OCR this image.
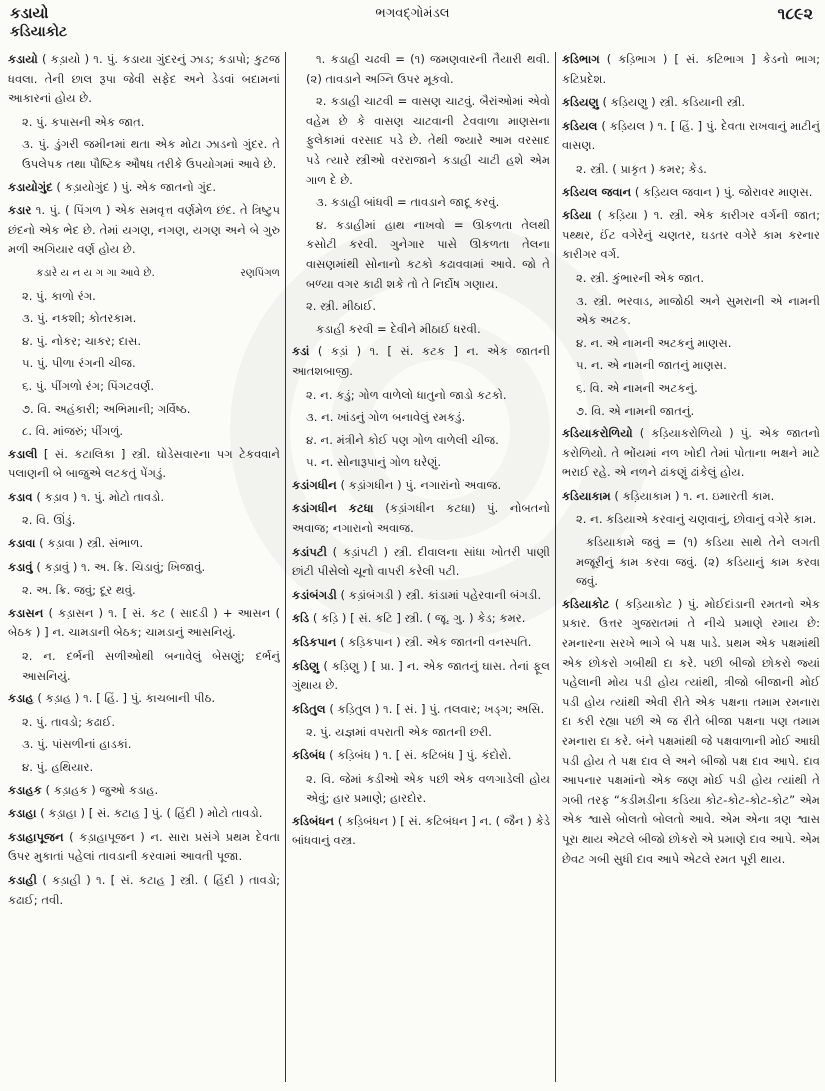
કડાયો
કડિયાકોટ
ભગવદ્ગોમંડલ	૧૮૯૨
કડાયો ( કડ઼ાયો ) ૧. પું. કડાયા ગુંદરનું ઝાડ; કડાપો; કુટજ ધવલા. તેની છાલ રૂપા જેવી સફેદ અને ડેડવાં બદામનાં આકારનાં હોય છે.
૨. પું. કપાસની એક જાત.
૩. પું. ડુંગરી જમીનમાં થતા એક મોટા ઝાડનો ગુંદર. તે ઉપલેપક તથા પૌષ્ટિક ઔષધ તરીકે ઉપયોગમાં આવે છે.
કડાયોગુંદ ( કડ઼ાયોગુંદ ) પું. એક જાતનો ગુંદ.
કડાર ૧. પું. ( પિંગળ ) એક સમવૃત્ત વર્ણમેળ છંદ. તે ત્રિષ્ટુપ છંદનો એક ભેદ છે. તેમાં યગણ, નગણ, યગણ અને બે ગુરુ મળી અગિયાર વર્ણ હોય છે.
કડારે ય ન ય ગ ગા આવે છે.	રણપિંગળ
૨. પું. કાળો રંગ.
૩. પું. નકશી; કોતરકામ.
૪. પું. નોકર; ચાકર; દાસ.
૫. પું. પીળા રંગની ચીજ.
૬. પું. પીંગળો રંગ; પિંગટવર્ણ.
૭. વિ. અહંકારી; અભિમાની; ગર્વિષ્ઠ.
૮. વિ. માંજરું; પીંગળું.
કડાલી [ સં. કટાલિકા ] સ્ત્રી. ઘોડેસવારના પગ ટેકવવાને પલાણની બે બાજુએ લટકતું પેંગડું.
કડાવ ( કડ઼ાવ ) ૧. પું. મોટો તાવડો.
૨. વિ. ઊંડું.
કડાવા ( કડ઼ાવા ) સ્ત્રી. સંભાળ.
કડાવું ( કડ઼ાવું ) ૧. અ. ક્રિ. ચિડાવું; ખિજાવું.
૨. અ. ક્રિ. જવું; દૂર થવું.
કડાસન ( કડ઼ાસન ) ૧. [ સં. કટ ( સાદડી ) + આસન ( બેઠક ) ] ન. ચામડાની બેઠક; ચામડાનું આસનિયું.
૨. ન. દર્ભની સળીઓથી બનાવેલું બેસણું; દર્ભનું આસનિયું.
કડાહ ( કડ઼ાહ ) ૧. [ હિં. ] પું. કાચબાની પીઠ.
૨. પું. તાવડો; કઢાઈ.
૩. પું. પાંસળીનાં હાડકાં.
૪. પું. હથિયાર.
કડાહક ( કડ઼ાહક ) જુઓ કડાહ.
કડાહા ( કડ઼ાહા ) [ સં. કટાહ ] પું. ( હિંદી ) મોટો તાવડો.
કડાહાપૂજન ( કડ઼ાહાપૂજન ) ન. સારા પ્રસંગે પ્રથમ દેવતા ઉપર મુકાતાં પહેલાં તાવડાની કરવામાં આવતી પૂજા.
કડાહી ( કડ઼ાહી ) ૧. [ સં. કટાહ ] સ્ત્રી. ( હિંદી ) તાવડો; કઢાઈ; તવી.
૧. કડાહી ચઢવી = (૧) જમણવારની તૈયારી થવી. (૨) તાવડાને અગ્નિ ઉપર મૂકવો.
૨. કડાહી ચાટવી = વાસણ ચાટવું. બૈરાંઓમાં એવો વહેમ છે કે વાસણ ચાટવાની ટેવવાળા માણસના ફુલેકામાં વરસાદ પડે છે. તેથી જ્યારે આમ વરસાદ પડે ત્યારે સ્ત્રીઓ વરરાજાને કડાહી ચાટી હશે એમ ગાળ દે છે.
૩. કડાહી બાંધવી = તાવડાને જાદૂ કરવું.
૪. કડાહીમાં હાથ નાખવો = ઊકળતા તેલથી કસોટી કરવી. ગુનેગાર પાસે ઊકળતા તેલના વાસણમાંથી સોનાનો કટકો કઢાવવામાં આવે. જો તે બળ્યા વગર કાઢી શકે તો તે નિર્દોષ ગણાય.
૨. સ્ત્રી. મીઠાઈ.
કડાહી કરવી = દેવીને મીઠાઈ ધરવી.
કડાં ( કડ઼ાં ) ૧. [ સં. કટક ] ન. એક જાતની આતશબાજી.
૨. ન. કડું; ગોળ વાળેલો ધાતુનો જાડો કટકો.
૩. ન. ખાંડનું ગોળ બનાવેલું રમકડું.
૪. ન. મંત્રીને કોઈ પણ ગોળ વાળેલી ચીજ.
૫. ન. સોનારૂપાનું ગોળ ઘરેણું.
કડાંગધીન ( કડ઼ાંગધીન ) પું. નગારાંનો અવાજ.
કડાંગધીન કટધા (કડ઼ાંગધીન કટધા) પું. નોબતનો અવાજ; નગારાનો અવાજ.
કડાંપટી ( કડ઼ાંપટી ) સ્ત્રી. દીવાલના સાંધા ખોતરી પાણી છાંટી પીસેલો ચૂનો વાપરી કરેલી પટી.
કડાંબંગડી ( કડ઼ાંબંગડી ) સ્ત્રી. કાંડામાં પહેરવાની બંગડી.
કડિ ( કડ઼િ ) [ સં. કટિ ] સ્ત્રી. ( જૂ. ગુ. ) કેડ; કમર.
કડિકપાન ( કડ઼િકપાન ) સ્ત્રી. એક જાતની વનસ્પતિ.
કડિણુ ( કડ઼િણુ ) [ પ્રા. ] ન. એક જાતનું ઘાસ. તેનાં ફૂલ ગુંથાય છે.
કડિતુલ ( કડ઼િતુલ ) ૧. [ સં. ] પું. તલવાર; ખડ્ગ; અસિ.
૨. પું. યજ્ઞમાં વપરાતી એક જાતની છરી.
કડિબંધ ( કડ઼િબંધ ) ૧. [ સં. કટિબંધ ] પું. કંદોરો.
૨. વિ. જેમાં કડીઓ એક પછી એક વળગાડેલી હોય એવું; હાર પ્રમાણે; હારદોર.
કડિબંધન ( કડ઼િબંધન ) [ સં. કટિબંધન ] ન. ( જૈન ) કેડે બાંધવાનું વસ્ત્ર.
કડિભાગ ( કડ઼િભાગ ) [ સં. કટિભાગ ] કેડનો ભાગ; કટિપ્રદેશ.
કડિયણુ ( કડ઼િયણુ ) સ્ત્રી. કડિયાની સ્ત્રી.
કડિયલ ( કડ઼િયલ ) ૧. [ હિં. ] પું. દેવતા રાખવાનું માટીનું વાસણ.
૨. સ્ત્રી. ( પ્રાકૃત ) કમર; કેડ.
કડિયલ જવાન ( કડ઼િયલ જવાન ) પું. જોરાવર માણસ.
કડિયા ( કડ઼િયા ) ૧. સ્ત્રી. એક કારીગર વર્ગની જાત; પથ્થર, ઈંટ વગેરેનું ચણતર, ઘડતર વગેરે કામ કરનાર કારીગર વર્ગ.
૨. સ્ત્રી. કુંભારની એક જાત.
૩. સ્ત્રી. ભરવાડ, માજોઠી અને સુમરાની એ નામની એક અટક.
૪. ન. એ નામની અટકનું માણસ.
૫. ન. એ નામની જાતનું માણસ.
૬. વિ. એ નામની અટકનું.
૭. વિ. એ નામની જાતનું.
કડિયાકરોળિયો ( કડ઼િયાકરોળિયો ) પું. એક જાતનો કરોળિયો. તે ભોંયમાં નળ ખોદી તેમાં પોતાના ભક્ષને માટે ભરાઈ રહે. એ નળને ઢાંકણું ઢાંકેલું હોય.
કડિયાકામ ( કડ઼િયાકામ ) ૧. ન. ઇમારતી કામ.
૨. ન. કડિયાએ કરવાનું ચણવાનું, છોવાનું વગેરે કામ.
કડિયાકામે જવું = (૧) કડિયા સાથે તેને લગતી મજૂરીનું કામ કરવા જવું. (૨) કડિયાનું કામ કરવા જવું.
કડિયાકોટ ( કડ઼િયાકોટ ) પું. મોઈદાંડાની રમતનો એક પ્રકાર. ઉત્તર ગુજરાતમાં તે નીચે પ્રમાણે રમાય છે: રમનારના સરખે ભાગે બે પક્ષ પાડે. પ્રથમ એક પક્ષમાંથી એક છોકરો ગબીથી દા કરે. પછી બીજો છોકરો જ્યાં પહેલાની મોય પડી હોય ત્યાંથી, ત્રીજો બીજાની મોઈ પડી હોય ત્યાંથી એવી રીતે એક પક્ષના તમામ રમનારા દા કરી રહ્યા પછી એ જ રીતે બીજા પક્ષના પણ તમામ રમનારા દા કરે. બંને પક્ષમાંથી જે પક્ષવાળાની મોઈ આઘી પડી હોય તે પક્ષ દાવ લે અને બીજો પક્ષ દાવ આપે. દાવ આપનાર પક્ષમાંનો એક જણ મોઈ પડી હોય ત્યાંથી તે ગબી તરફ “કડીમડીના કડિયા કોટ-કોટ-કોટ-કોટ” એમ એક શ્વાસે બોલતો બોલતો આવે. એમ એના ત્રણ શ્વાસ પૂરા થાય એટલે બીજો છોકરો એ પ્રમાણે દાવ આપે. એમ છેવટ ગબી સુધી દાવ આપે એટલે રમત પૂરી થાય.
